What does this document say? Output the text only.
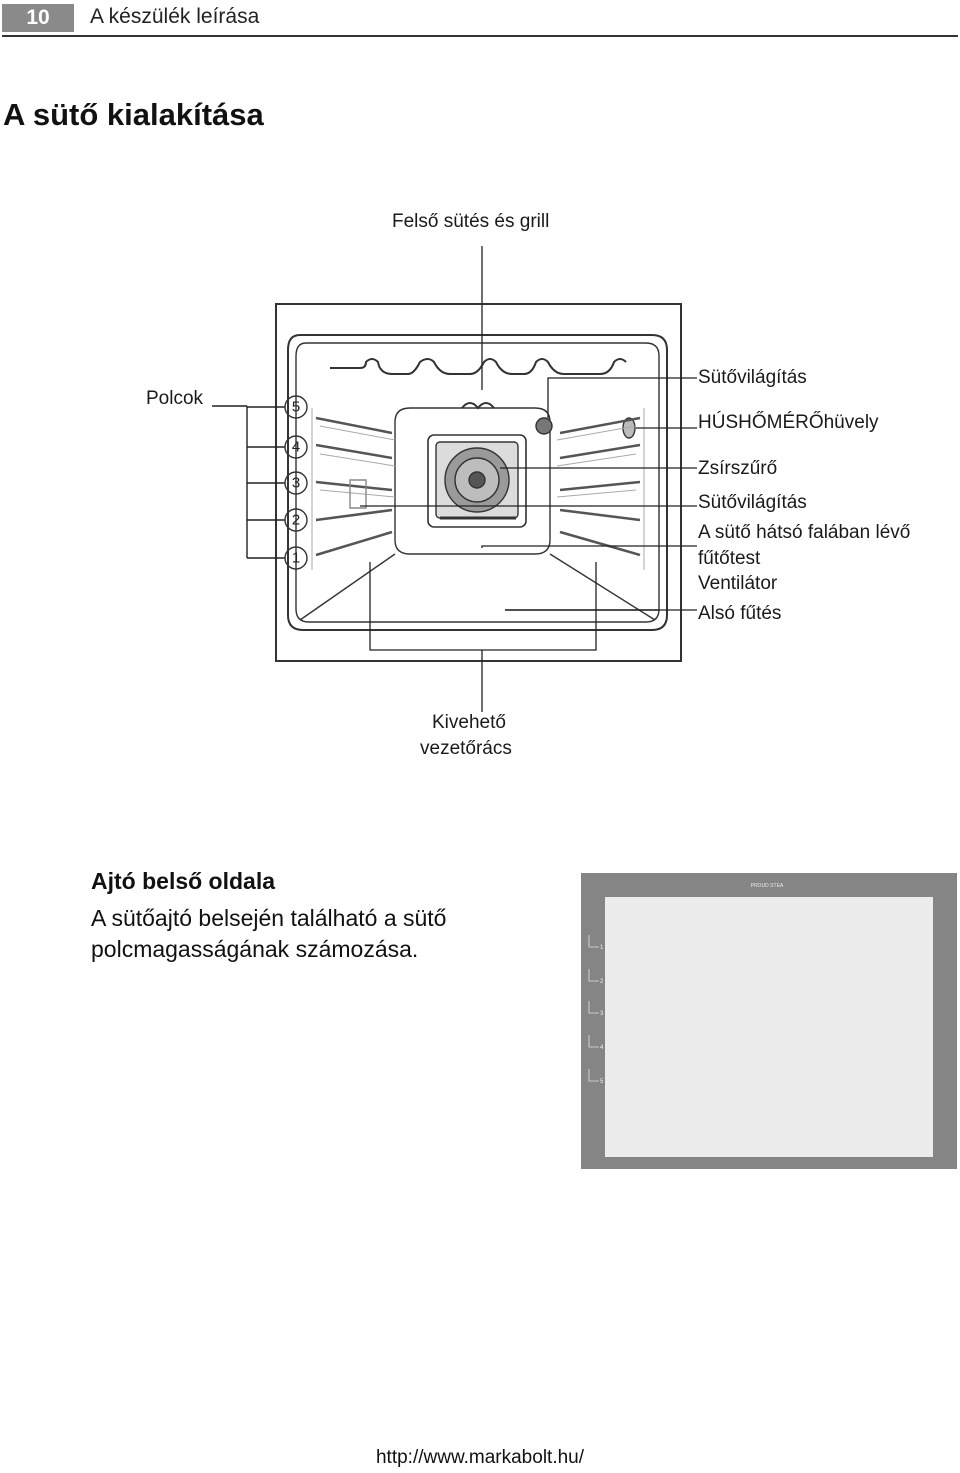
10	A készülék leírása
A sütő kialakítása
5
4
3
2
1
Felső sütés és grill
Polcok
Sütővilágítás
HÚSHŐMÉRŐhüvely
Zsírszűrő
Sütővilágítás
A sütő hátsó falában lévő
fűtőtest
Ventilátor
Alsó fűtés
Kivehető
vezetőrács
Ajtó belső oldala

A sütőajtó belsején található a sütő polcmagasságának számozása.

PROUD STEA
1
2
3
4
5
http://www.markabolt.hu/
